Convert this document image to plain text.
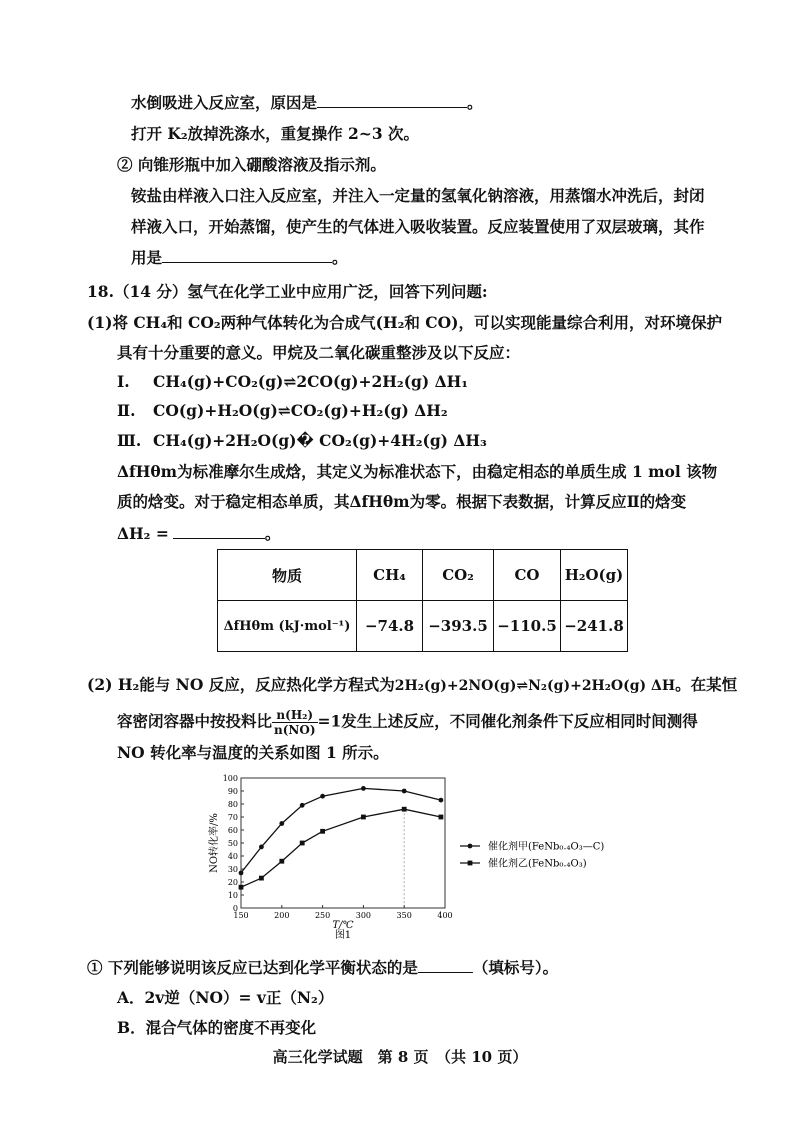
水倒吸进入反应室，原因是	。
打开 K₂放掉洗涤水，重复操作 2~3 次。
② 向锥形瓶中加入硼酸溶液及指示剂。
铵盐由样液入口注入反应室，并注入一定量的氢氧化钠溶液，用蒸馏水冲洗后，封闭
样液入口，开始蒸馏，使产生的气体进入吸收装置。反应装置使用了双层玻璃，其作
用是	。
18.（14 分）氢气在化学工业中应用广泛，回答下列问题:
(1)将 CH₄和 CO₂两种气体转化为合成气(H₂和 CO)，可以实现能量综合利用，对环境保护
具有十分重要的意义。甲烷及二氧化碳重整涉及以下反应：
I. CH₄(g)+CO₂(g)⇌2CO(g)+2H₂(g) ΔH₁
Ⅱ. CO(g)+H₂O(g)⇌CO₂(g)+H₂(g) ΔH₂
Ⅲ. CH₄(g)+2H₂O(g)� CO₂(g)+4H₂(g) ΔH₃
ΔfHθm为标准摩尔生成焓，其定义为标准状态下，由稳定相态的单质生成 1 mol 该物
质的焓变。对于稳定相态单质，其ΔfHθm为零。根据下表数据，计算反应Ⅱ的焓变
ΔH₂ =	。
物质	CH₄	CO₂	CO	H₂O(g)
ΔfHθm (kJ·mol⁻¹)	−74.8	−393.5	−110.5	−241.8
(2) H₂能与 NO 反应，反应热化学方程式为2H₂(g)+2NO(g)⇌N₂(g)+2H₂O(g) ΔH。在某恒
容密闭容器中按投料比 $\frac{\text{n(H₂)}}{n(NO)} =1$发生上述反应，不同催化剂条件下反应相同时间测得
NO 转化率与温度的关系如图 1 所示。
0
10
20
30
40
50
60
70
80
90
100
150	200	250	300	350	400
T/℃
图1
NO转化率/%	催化剂甲(FeNb₀.₄O₃—C)
催化剂乙(FeNb₀.₄O₃)
① 下列能够说明该反应已达到化学平衡状态的是	（填标号）。
A．2v逆（NO）= v正（N₂）
B．混合气体的密度不再变化
高三化学试题　第 8 页　（共 10 页）
